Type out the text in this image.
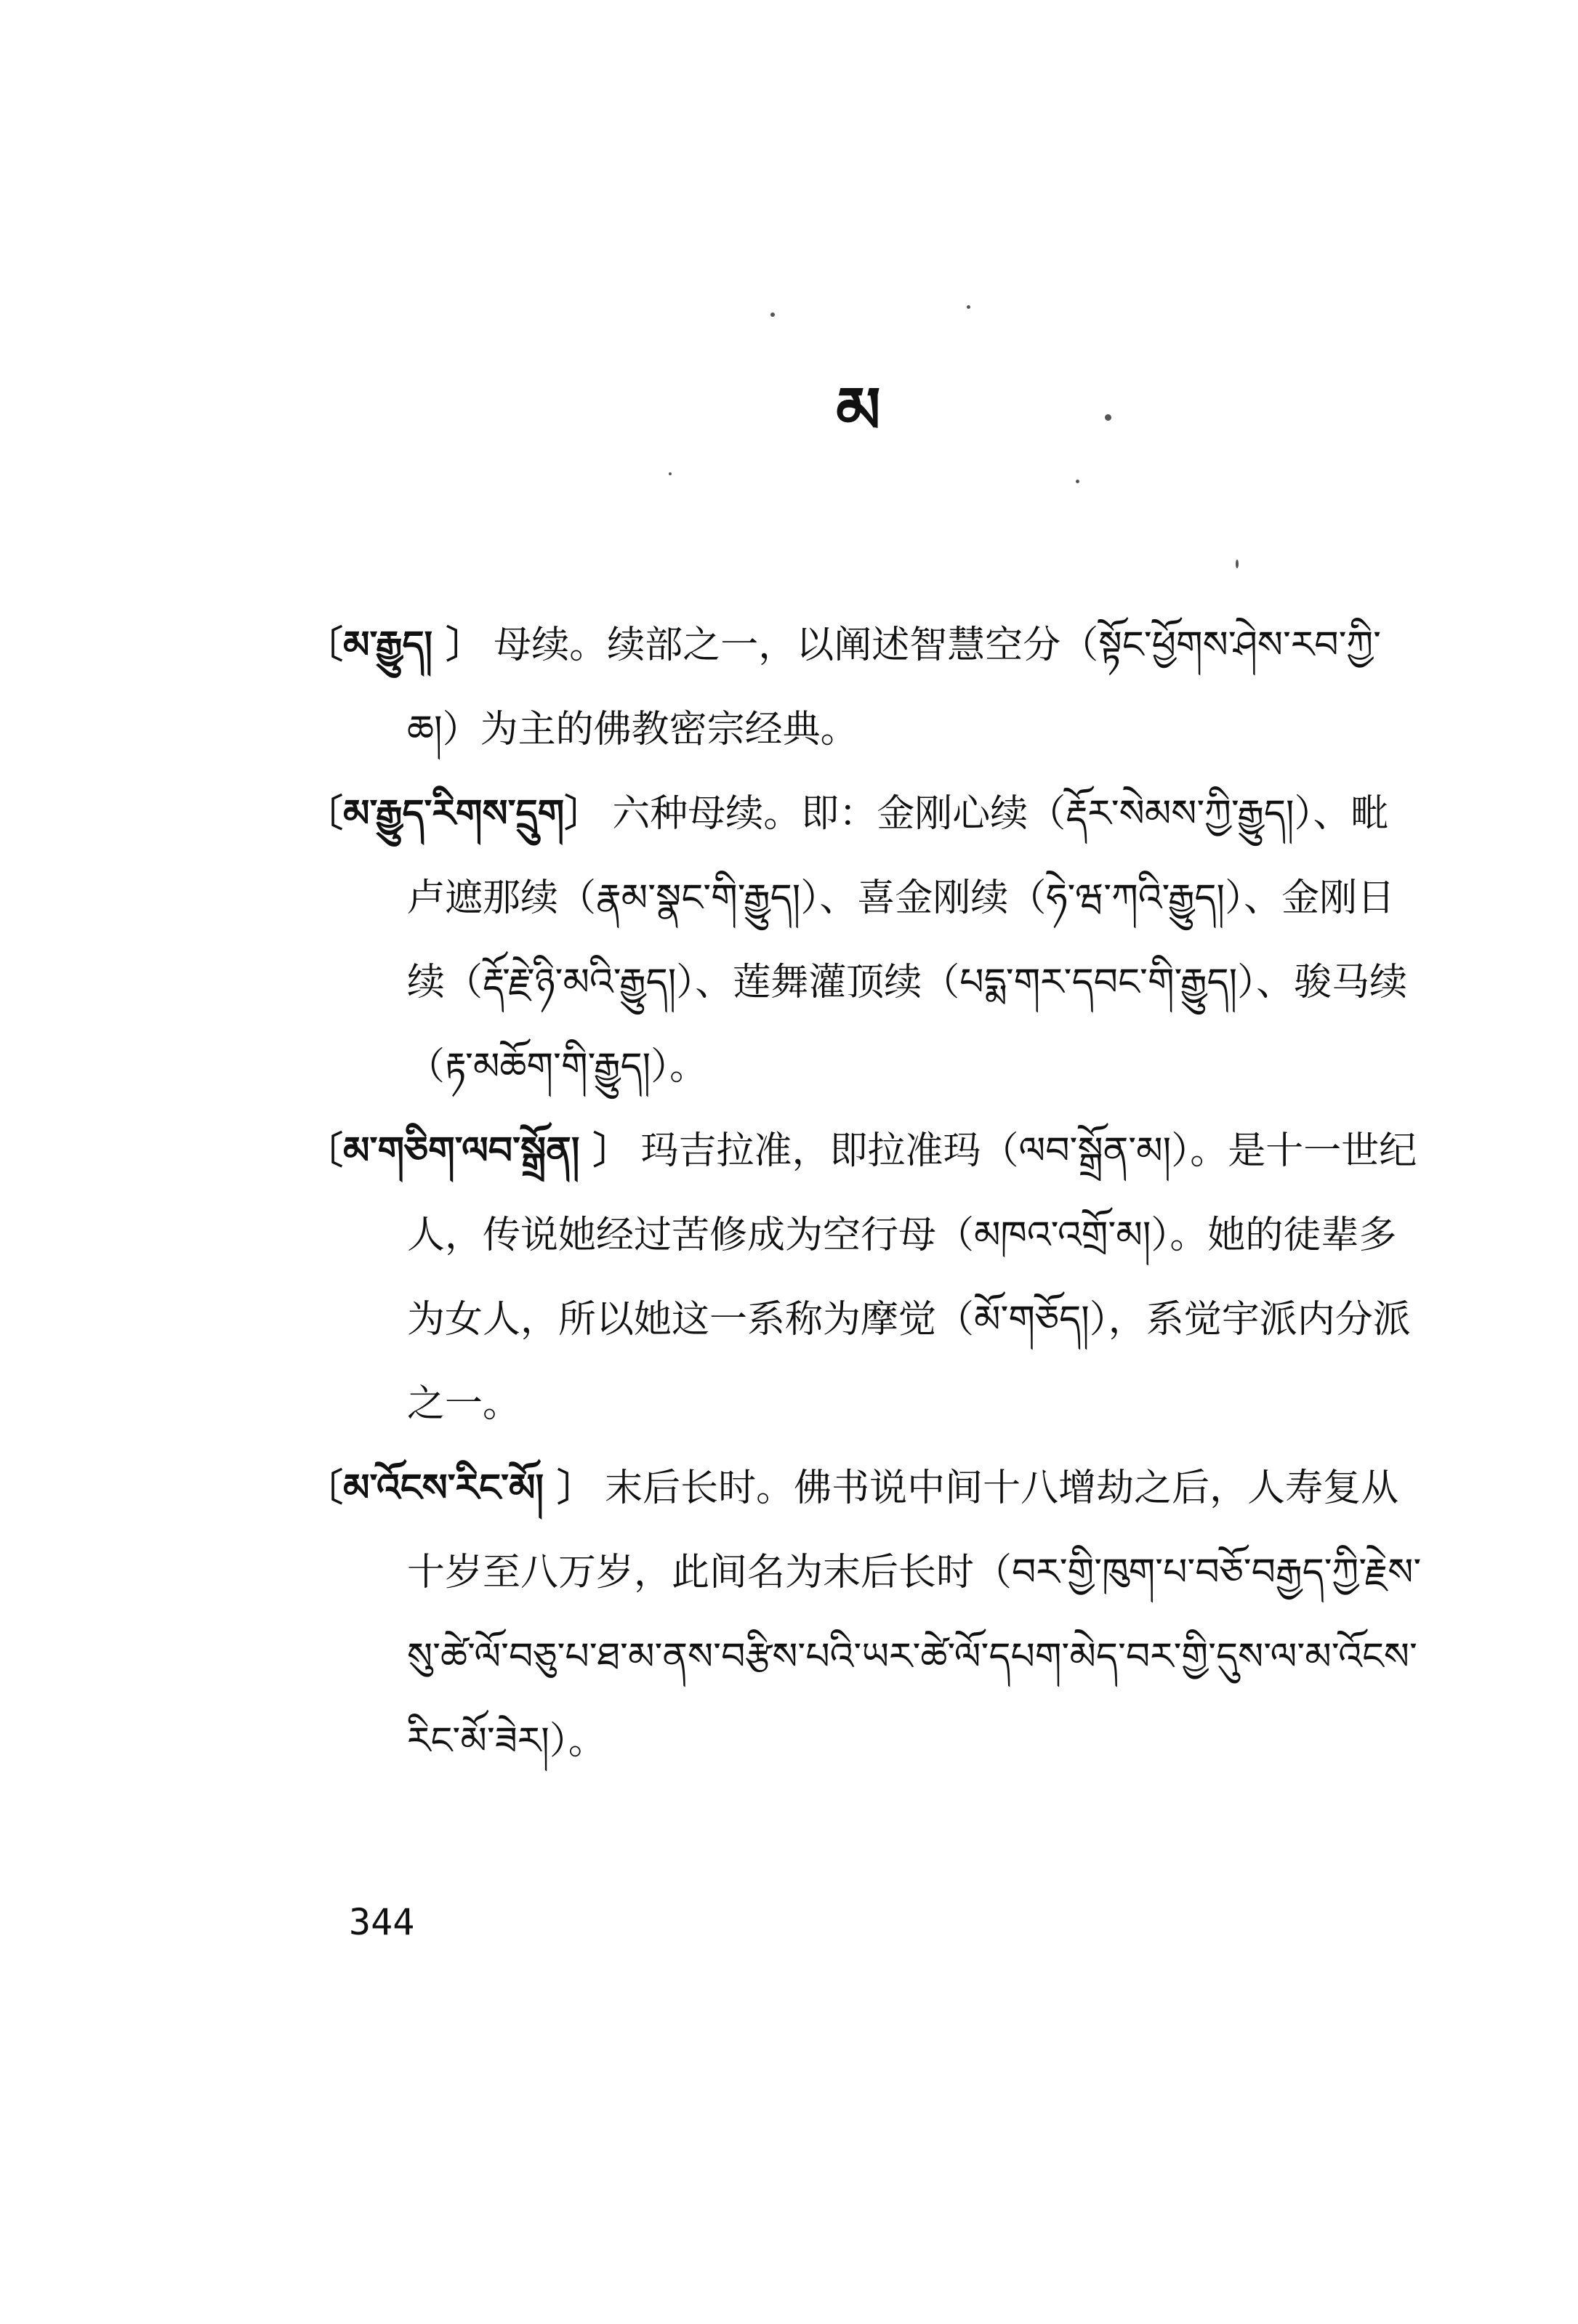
མ

〔 མ་རྒྱུད། 〕母续。续部之一，以阐述智慧空分（སྟོང་ཕྱོགས་ཤེས་རབ་ཀྱི་ཆ།）为主的佛教密宗经典。

〔 མ་རྒྱུད་རིགས་དྲུག 〕 六种母续。即：金刚心续（རྡོར་སེམས་ཀྱི་རྒྱུད།）、毗卢遮那续（རྣམ་སྣང་གི་རྒྱུད།）、喜金刚续（ཧེ་ཝ་ཀའི་རྒྱུད།）、金刚日续（རྡོ་རྗེ་ཉི་མའི་རྒྱུད།）、莲舞灌顶续（པདྨ་གར་དབང་གི་རྒྱུད།）、骏马续（རྟ་མཆོག་གི་རྒྱུད།）。

〔 མ་གཅིག་ལབ་སྒྲོན། 〕玛吉拉准，即拉准玛（ལབ་སྒྲོན་མ།）。是十一世纪人，传说她经过苦修成为空行母（མཁའ་འགྲོ་མ།）。她的徒辈多为女人，所以她这一系称为摩觉（མོ་གཅོད།），系觉宇派内分派之一。

〔 མ་འོངས་རིང་མོ། 〕末后长时。佛书说中间十八增劫之后，人寿复从十岁至八万岁，此间名为末后长时（བར་གྱི་ཁུག་པ་བཅོ་བརྒྱད་ཀྱི་རྗེས་སུ་ཚེ་ལོ་བཅུ་པ་ཐ་མ་ནས་བརྩིས་པའི་ཡར་ཚེ་ལོ་དཔག་མེད་བར་གྱི་དུས་ལ་མ་འོངས་རིང་མོ་ཟེར།）。

344
